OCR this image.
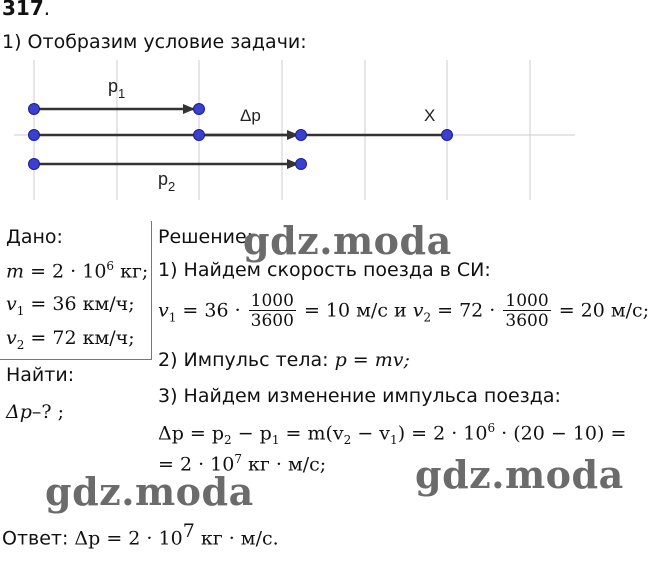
317.
1) Отобразим условие задачи:
$p_1$
Δp	X
$p_2$
Дано:
$m = 2 \cdot 10^6$ кг;
$v_1 = 36$ км/ч;
$v_2 = 72$ км/ч;
Найти:
Δp–? ;
Решение:
1) Найдем скорость поезда в СИ:
$v_1 = 36 \cdot \frac{1000}{3600} = 10$ м/с и $v_2 = 72 \cdot \frac{1000}{3600} = 20$ м/с;
2) Импульс тела: p = mv;
3) Найдем изменение импульса поезда:
$\Delta p = p_2 - p_1 = m(v_2 - v_1) = 2 \cdot 10^6 \cdot (20 - 10)$ =
= $2 \cdot 10^7$ кг · м/с;
Ответ: $\Delta p = 2 \cdot 10^7$ кг · м/с.
gdz.moda
gdz.moda	gdz.moda
